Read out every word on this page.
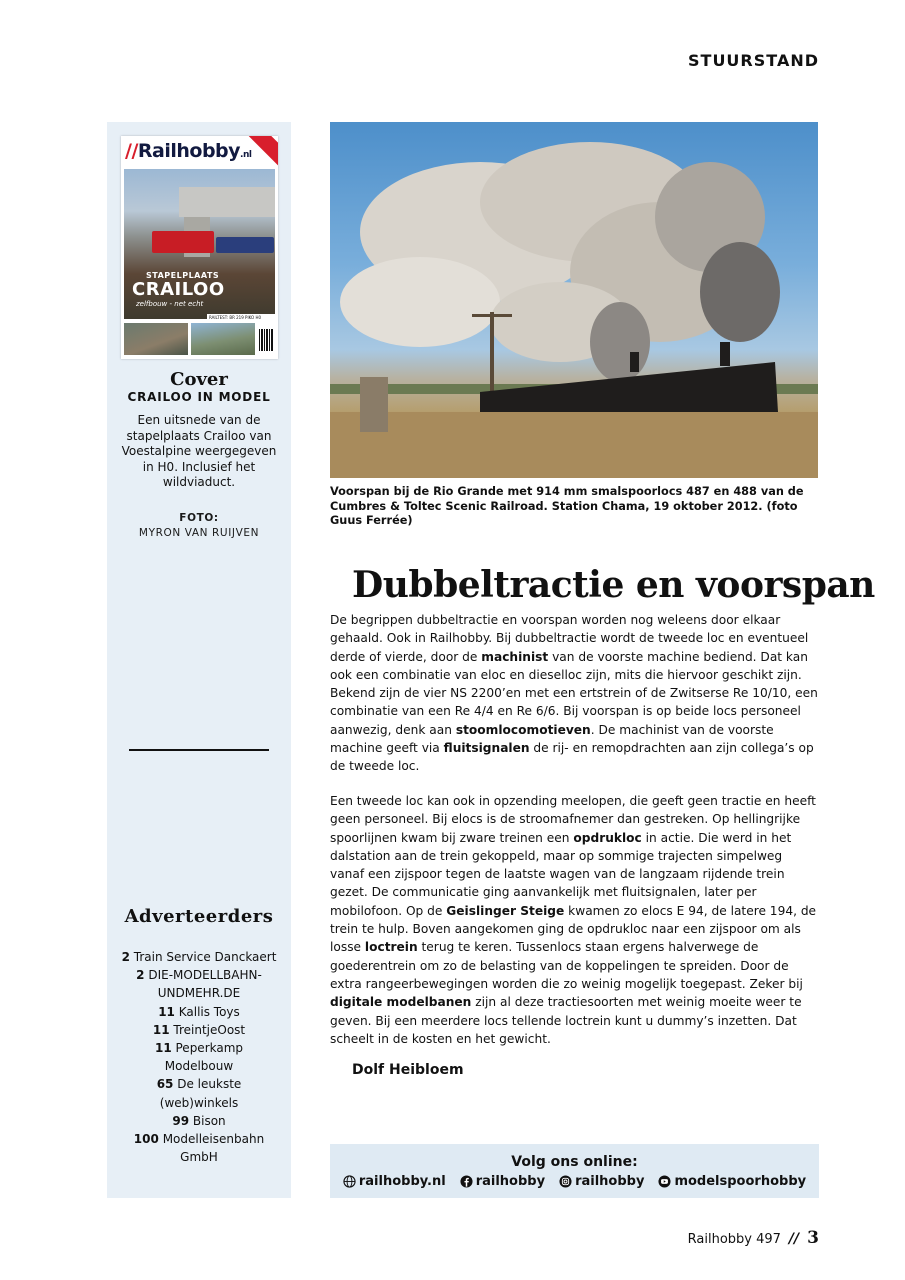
STUURSTAND
STAPELPLAATS
CRAILOO
zelfbouw - net echt
//Railhobby.nl
RAILTEST: BR 219 PIKO H0
Cover
CRAILOO IN MODEL
Een uitsnede van de stapelplaats Crailoo van Voestalpine weergegeven in H0. Inclusief het wildviaduct.
FOTO:
MYRON VAN RUIJVEN
Adverteerders
2 Train Service Danckaert
2 DIE-MODELLBAHN-UNDMEHR.DE
11 Kallis Toys
11 TreintjeOost
11 Peperkamp Modelbouw
65 De leukste (web)winkels
99 Bison
100 Modelleisenbahn GmbH
Voorspan bij de Rio Grande met 914 mm smalspoorlocs 487 en 488 van de Cumbres & Toltec Scenic Railroad. Station Chama, 19 oktober 2012. (foto Guus Ferrée)
Dubbeltractie en voorspan

De begrippen dubbeltractie en voorspan worden nog weleens door elkaar gehaald. Ook in Railhobby. Bij dubbeltractie wordt de tweede loc en eventueel derde of vierde, door de machinist van de voorste machine bediend. Dat kan ook een combinatie van eloc en dieselloc zijn, mits die hiervoor geschikt zijn. Bekend zijn de vier NS 2200’en met een ertstrein of de Zwitserse Re 10/10, een combinatie van een Re 4/4 en Re 6/6. Bij voorspan is op beide locs personeel aanwezig, denk aan stoomlocomotieven. De machinist van de voorste machine geeft via fluitsignalen de rij- en remopdrachten aan zijn collega’s op de tweede loc.

Een tweede loc kan ook in opzending meelopen, die geeft geen tractie en heeft geen personeel. Bij elocs is de stroomafnemer dan gestreken. Op hellingrijke spoorlijnen kwam bij zware treinen een opdrukloc in actie. Die werd in het dalstation aan de trein gekoppeld, maar op sommige trajecten simpelweg vanaf een zijspoor tegen de laatste wagen van de langzaam rijdende trein gezet. De communicatie ging aanvankelijk met fluitsignalen, later per mobilofoon. Op de Geislinger Steige kwamen zo elocs E 94, de latere 194, de trein te hulp. Boven aangekomen ging de opdrukloc naar een zijspoor om als losse loctrein terug te keren. Tussenlocs staan ergens halverwege de goederentrein om zo de belasting van de koppelingen te spreiden. Door de extra rangeerbewegingen worden die zo weinig mogelijk toegepast. Zeker bij digitale modelbanen zijn al deze tractiesoorten met weinig moeite weer te geven. Bij een meerdere locs tellende loctrein kunt u dummy’s inzetten. Dat scheelt in de kosten en het gewicht.

Dolf Heibloem
Volg ons online:
railhobby.nl railhobby railhobby modelspoorhobby
Railhobby 497 // 3
